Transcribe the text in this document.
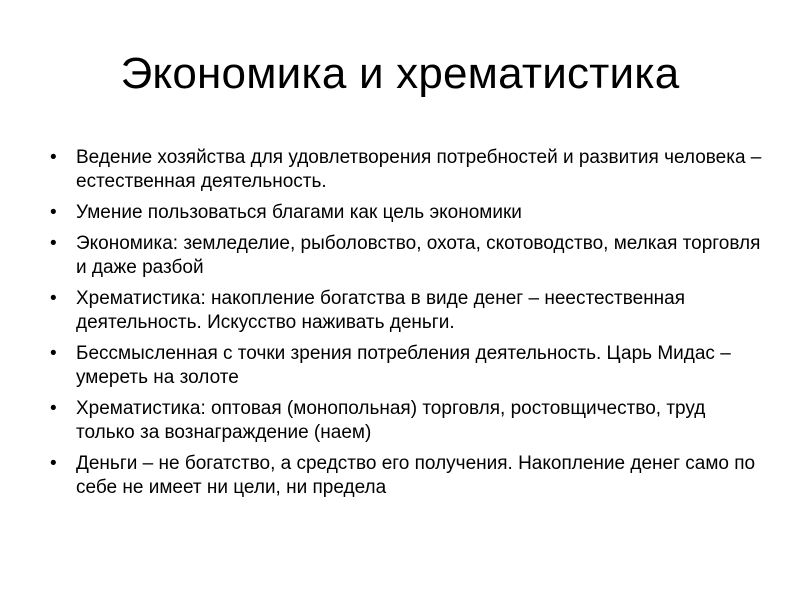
Экономика и хрематистика
•	Ведение хозяйства для удовлетворения потребностей и развития человека – естественная деятельность.
•	Умение пользоваться благами как цель экономики
•	Экономика: земледелие, рыболовство, охота, скотоводство, мелкая торговля и даже разбой
•	Хрематистика: накопление богатства в виде денег – неестественная деятельность. Искусство наживать деньги.
•	Бессмысленная с точки зрения потребления деятельность. Царь Мидас – умереть на золоте
•	Хрематистика: оптовая (монопольная) торговля, ростовщичество, труд только за вознаграждение (наем)
•	Деньги – не богатство, а средство его получения. Накопление денег само по себе не имеет ни цели, ни предела
